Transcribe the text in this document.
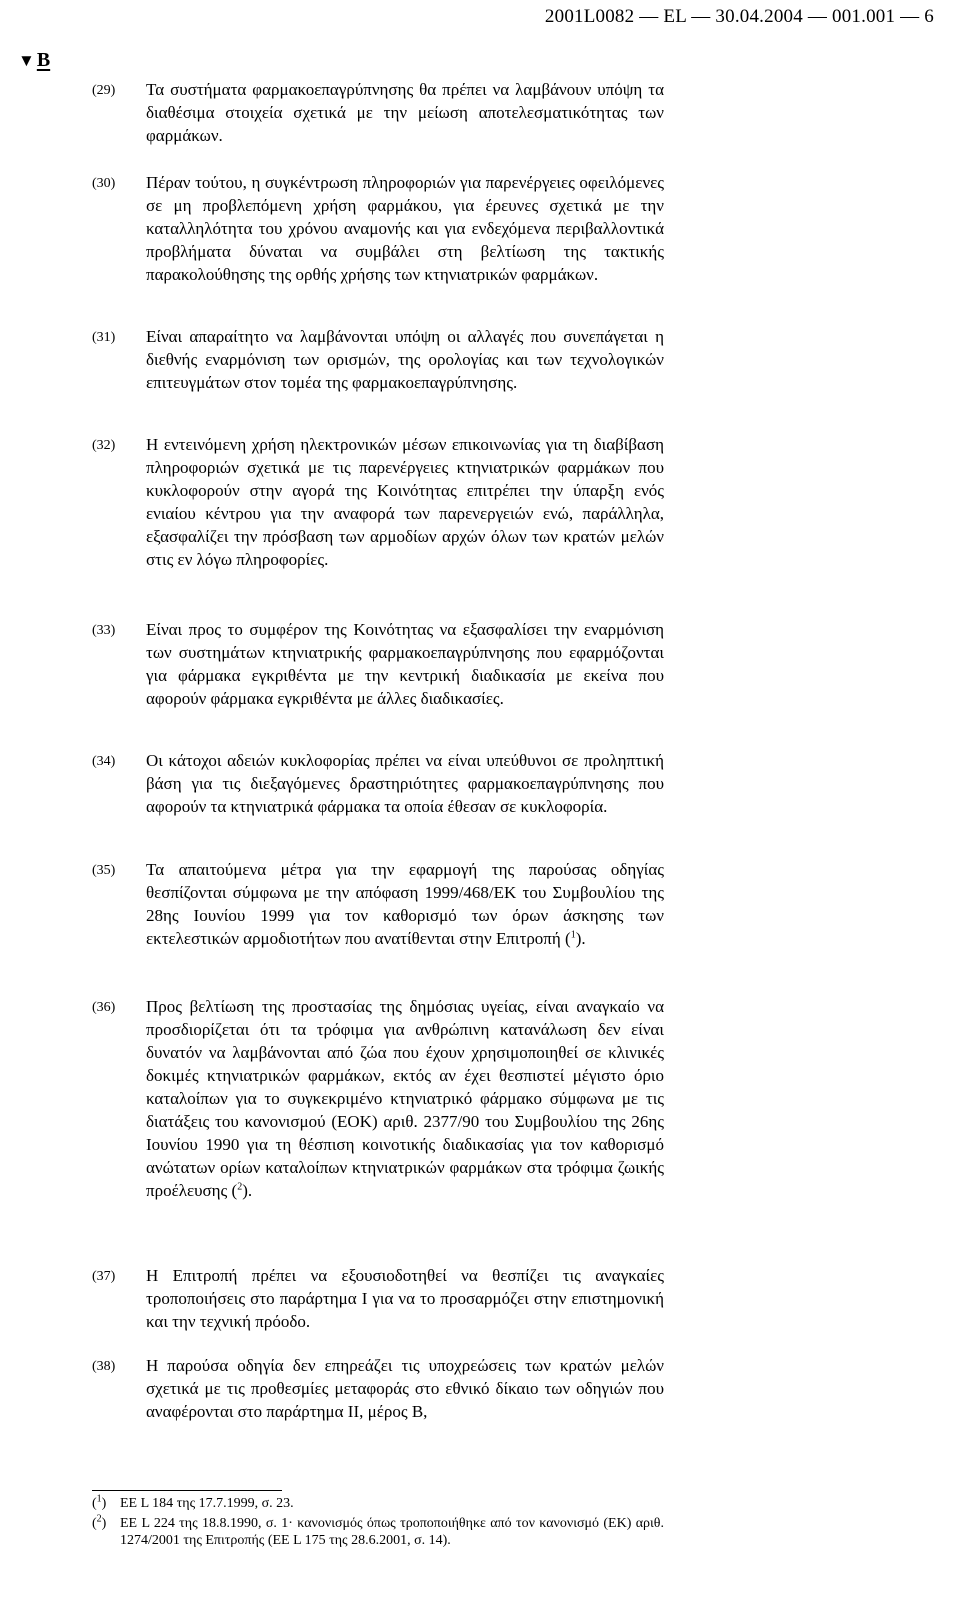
2001L0082 — EL — 30.04.2004 — 001.001 — 6
▼ B
(29)	Τα συστήματα φαρμακοεπαγρύπνησης θα πρέπει να λαμβάνουν υπόψη τα διαθέσιμα στοιχεία σχετικά με την μείωση αποτελεσματικότητας των φαρμάκων.
(30)	Πέραν τούτου, η συγκέντρωση πληροφοριών για παρενέργειες οφειλόμενες σε μη προβλεπόμενη χρήση φαρμάκου, για έρευνες σχετικά με την καταλληλότητα του χρόνου αναμονής και για ενδεχόμενα περιβαλλοντικά προβλήματα δύναται να συμβάλει στη βελτίωση της τακτικής παρακολούθησης της ορθής χρήσης των κτηνιατρικών φαρμάκων.
(31)	Είναι απαραίτητο να λαμβάνονται υπόψη οι αλλαγές που συνεπάγεται η διεθνής εναρμόνιση των ορισμών, της ορολογίας και των τεχνολογικών επιτευγμάτων στον τομέα της φαρμακοεπαγρύπνησης.
(32)	Η εντεινόμενη χρήση ηλεκτρονικών μέσων επικοινωνίας για τη διαβίβαση πληροφοριών σχετικά με τις παρενέργειες κτηνιατρικών φαρμάκων που κυκλοφορούν στην αγορά της Κοινότητας επιτρέπει την ύπαρξη ενός ενιαίου κέντρου για την αναφορά των παρενεργειών ενώ, παράλληλα, εξασφαλίζει την πρόσβαση των αρμοδίων αρχών όλων των κρατών μελών στις εν λόγω πληροφορίες.
(33)	Είναι προς το συμφέρον της Κοινότητας να εξασφαλίσει την εναρμόνιση των συστημάτων κτηνιατρικής φαρμακοεπαγρύπνησης που εφαρμόζονται για φάρμακα εγκριθέντα με την κεντρική διαδικασία με εκείνα που αφορούν φάρμακα εγκριθέντα με άλλες διαδικασίες.
(34)	Οι κάτοχοι αδειών κυκλοφορίας πρέπει να είναι υπεύθυνοι σε προληπτική βάση για τις διεξαγόμενες δραστηριότητες φαρμακοεπαγρύπνησης που αφορούν τα κτηνιατρικά φάρμακα τα οποία έθεσαν σε κυκλοφορία.
(35)	Τα απαιτούμενα μέτρα για την εφαρμογή της παρούσας οδηγίας θεσπίζονται σύμφωνα με την απόφαση 1999/468/ΕΚ του Συμβουλίου της 28ης Ιουνίου 1999 για τον καθορισμό των όρων άσκησης των εκτελεστικών αρμοδιοτήτων που ανατίθενται στην Επιτροπή ($^1$).
(36)	Προς βελτίωση της προστασίας της δημόσιας υγείας, είναι αναγκαίο να προσδιορίζεται ότι τα τρόφιμα για ανθρώπινη κατανάλωση δεν είναι δυνατόν να λαμβάνονται από ζώα που έχουν χρησιμοποιηθεί σε κλινικές δοκιμές κτηνιατρικών φαρμάκων, εκτός αν έχει θεσπιστεί μέγιστο όριο καταλοίπων για το συγκεκριμένο κτηνιατρικό φάρμακο σύμφωνα με τις διατάξεις του κανονισμού (ΕΟΚ) αριθ. 2377/90 του Συμβουλίου της 26ης Ιουνίου 1990 για τη θέσπιση κοινοτικής διαδικασίας για τον καθορισμό ανώτατων ορίων καταλοίπων κτηνιατρικών φαρμάκων στα τρόφιμα ζωικής προέλευσης ($^2$).
(37)	Η Επιτροπή πρέπει να εξουσιοδοτηθεί να θεσπίζει τις αναγκαίες τροποποιήσεις στο παράρτημα I για να το προσαρμόζει στην επιστημονική και την τεχνική πρόοδο.
(38)	Η παρούσα οδηγία δεν επηρεάζει τις υποχρεώσεις των κρατών μελών σχετικά με τις προθεσμίες μεταφοράς στο εθνικό δίκαιο των οδηγιών που αναφέρονται στο παράρτημα II, μέρος Β,
($^1$) ΕΕ L 184 της 17.7.1999, σ. 23.
($^2$) ΕΕ L 224 της 18.8.1990, σ. 1· κανονισμός όπως τροποποιήθηκε από τον κανονισμό (ΕΚ) αριθ. 1274/2001 της Επιτροπής (ΕΕ L 175 της 28.6.2001, σ. 14).
